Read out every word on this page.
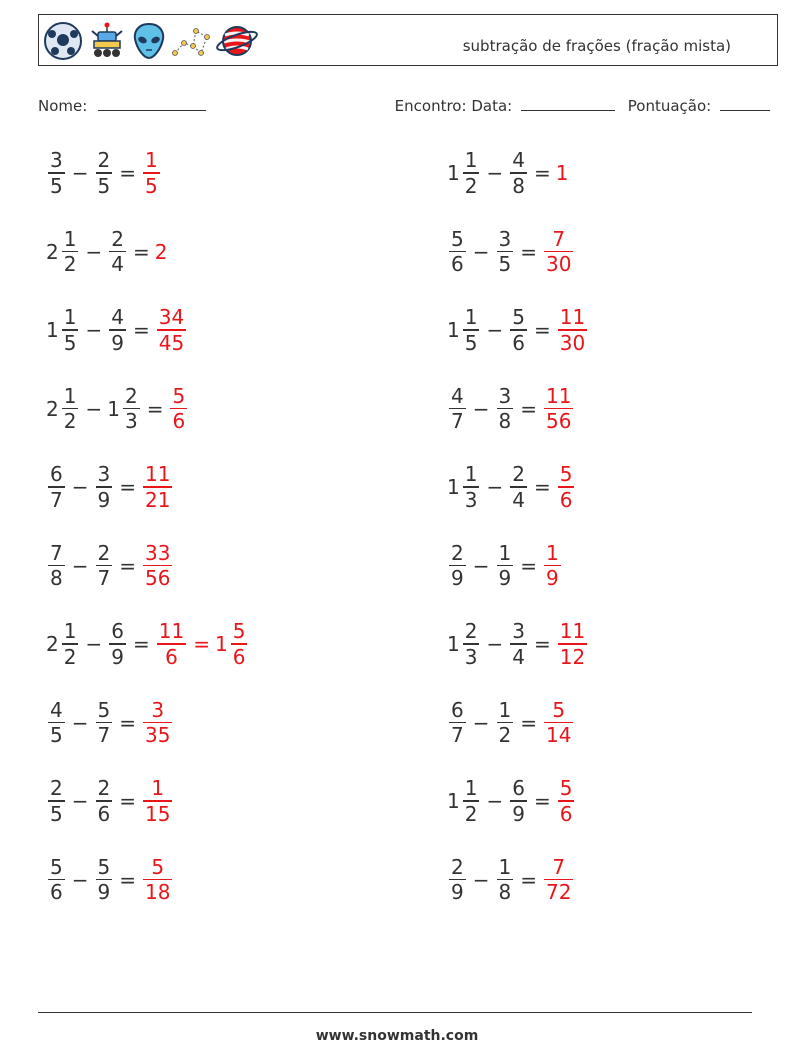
subtração de frações (fração mista)
Nome:	Encontro: Data:	Pontuação:
$\frac{3}{5} - \frac{2}{5} = \frac{1}{5}$	$1 \frac{1}{2} - \frac{4}{8} = 1$
$2 \frac{1}{2} - \frac{2}{4} = 2$	$\frac{5}{6} - \frac{3}{5} = \frac{7}{30}$
$1 \frac{1}{5} - \frac{4}{9} = \frac{34}{45}$	$1 \frac{1}{5} - \frac{5}{6} = \frac{11}{30}$
$2 \frac{1}{2} - 1 \frac{2}{3} = \frac{5}{6}$	$\frac{4}{7} - \frac{3}{8} = \frac{11}{56}$
$\frac{6}{7} - \frac{3}{9} = \frac{11}{21}$	$1 \frac{1}{3} - \frac{2}{4} = \frac{5}{6}$
$\frac{7}{8} - \frac{2}{7} = \frac{33}{56}$	$\frac{2}{9} - \frac{1}{9} = \frac{1}{9}$
$2 \frac{1}{2} - \frac{6}{9} = \frac{11}{6} = 1 \frac{5}{6}$	$1 \frac{2}{3} - \frac{3}{4} = \frac{11}{12}$
$\frac{4}{5} - \frac{5}{7} = \frac{3}{35}$	$\frac{6}{7} - \frac{1}{2} = \frac{5}{14}$
$\frac{2}{5} - \frac{2}{6} = \frac{1}{15}$	$1 \frac{1}{2} - \frac{6}{9} = \frac{5}{6}$
$\frac{5}{6} - \frac{5}{9} = \frac{5}{18}$	$\frac{2}{9} - \frac{1}{8} = \frac{7}{72}$
www.snowmath.com
